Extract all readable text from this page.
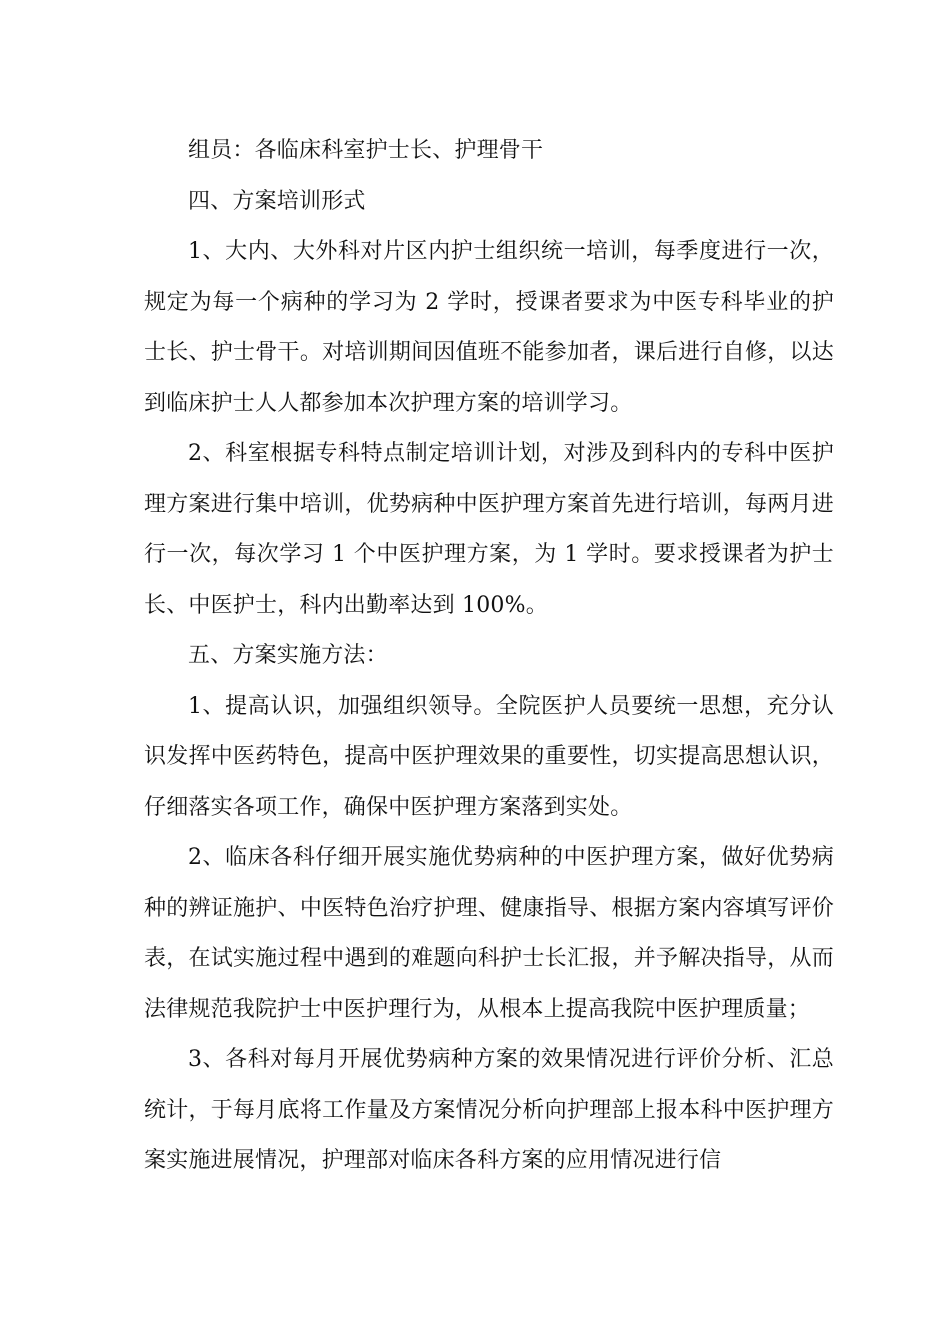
组员：各临床科室护士长、护理骨干

四、方案培训形式

1、大内、大外科对片区内护士组织统一培训，每季度进行一次，规定为每一个病种的学习为 2 学时，授课者要求为中医专科毕业的护士长、护士骨干。对培训期间因值班不能参加者，课后进行自修，以达到临床护士人人都参加本次护理方案的培训学习。

2、科室根据专科特点制定培训计划，对涉及到科内的专科中医护理方案进行集中培训，优势病种中医护理方案首先进行培训，每两月进行一次，每次学习 1 个中医护理方案，为 1 学时。要求授课者为护士长、中医护士，科内出勤率达到 100%。

五、方案实施方法：

1、提高认识，加强组织领导。全院医护人员要统一思想，充分认识发挥中医药特色，提高中医护理效果的重要性，切实提高思想认识，仔细落实各项工作，确保中医护理方案落到实处。

2、临床各科仔细开展实施优势病种的中医护理方案，做好优势病种的辨证施护、中医特色治疗护理、健康指导、根据方案内容填写评价表，在试实施过程中遇到的难题向科护士长汇报，并予解决指导，从而法律规范我院护士中医护理行为，从根本上提高我院中医护理质量；

3、各科对每月开展优势病种方案的效果情况进行评价分析、汇总统计，于每月底将工作量及方案情况分析向护理部上报本科中医护理方案实施进展情况，护理部对临床各科方案的应用情况进行信
